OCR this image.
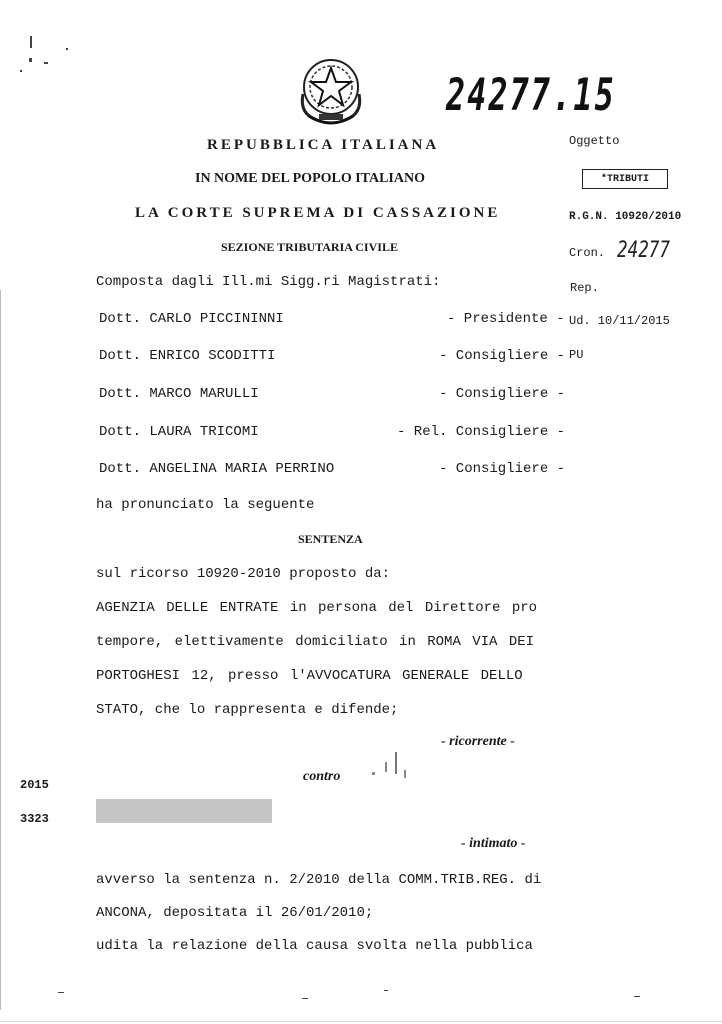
24277.15
REPUBBLICA ITALIANA
IN NOME DEL POPOLO ITALIANO
LA CORTE SUPREMA DI CASSAZIONE
SEZIONE TRIBUTARIA CIVILE
Composta dagli Ill.mi Sigg.ri Magistrati:
Oggetto
*TRIBUTI
R.G.N. 10920/2010
Cron. 24277
Rep.
Ud. 10/11/2015
PU
Dott. CARLO PICCININNI	- Presidente -
Dott. ENRICO SCODITTI	- Consigliere -
Dott. MARCO MARULLI	- Consigliere -
Dott. LAURA TRICOMI	- Rel. Consigliere -
Dott. ANGELINA MARIA PERRINO	- Consigliere -
ha pronunciato la seguente
SENTENZA
sul ricorso 10920-2010 proposto da:
AGENZIA DELLE ENTRATE in persona del Direttore pro
tempore, elettivamente domiciliato in ROMA VIA DEI
PORTOGHESI 12, presso l'AVVOCATURA GENERALE DELLO
STATO, che lo rappresenta e difende;
- ricorrente -
contro
- intimato -
avverso la sentenza n. 2/2010 della COMM.TRIB.REG. di
ANCONA, depositata il 26/01/2010;
udita la relazione della causa svolta nella pubblica
2015
3323
